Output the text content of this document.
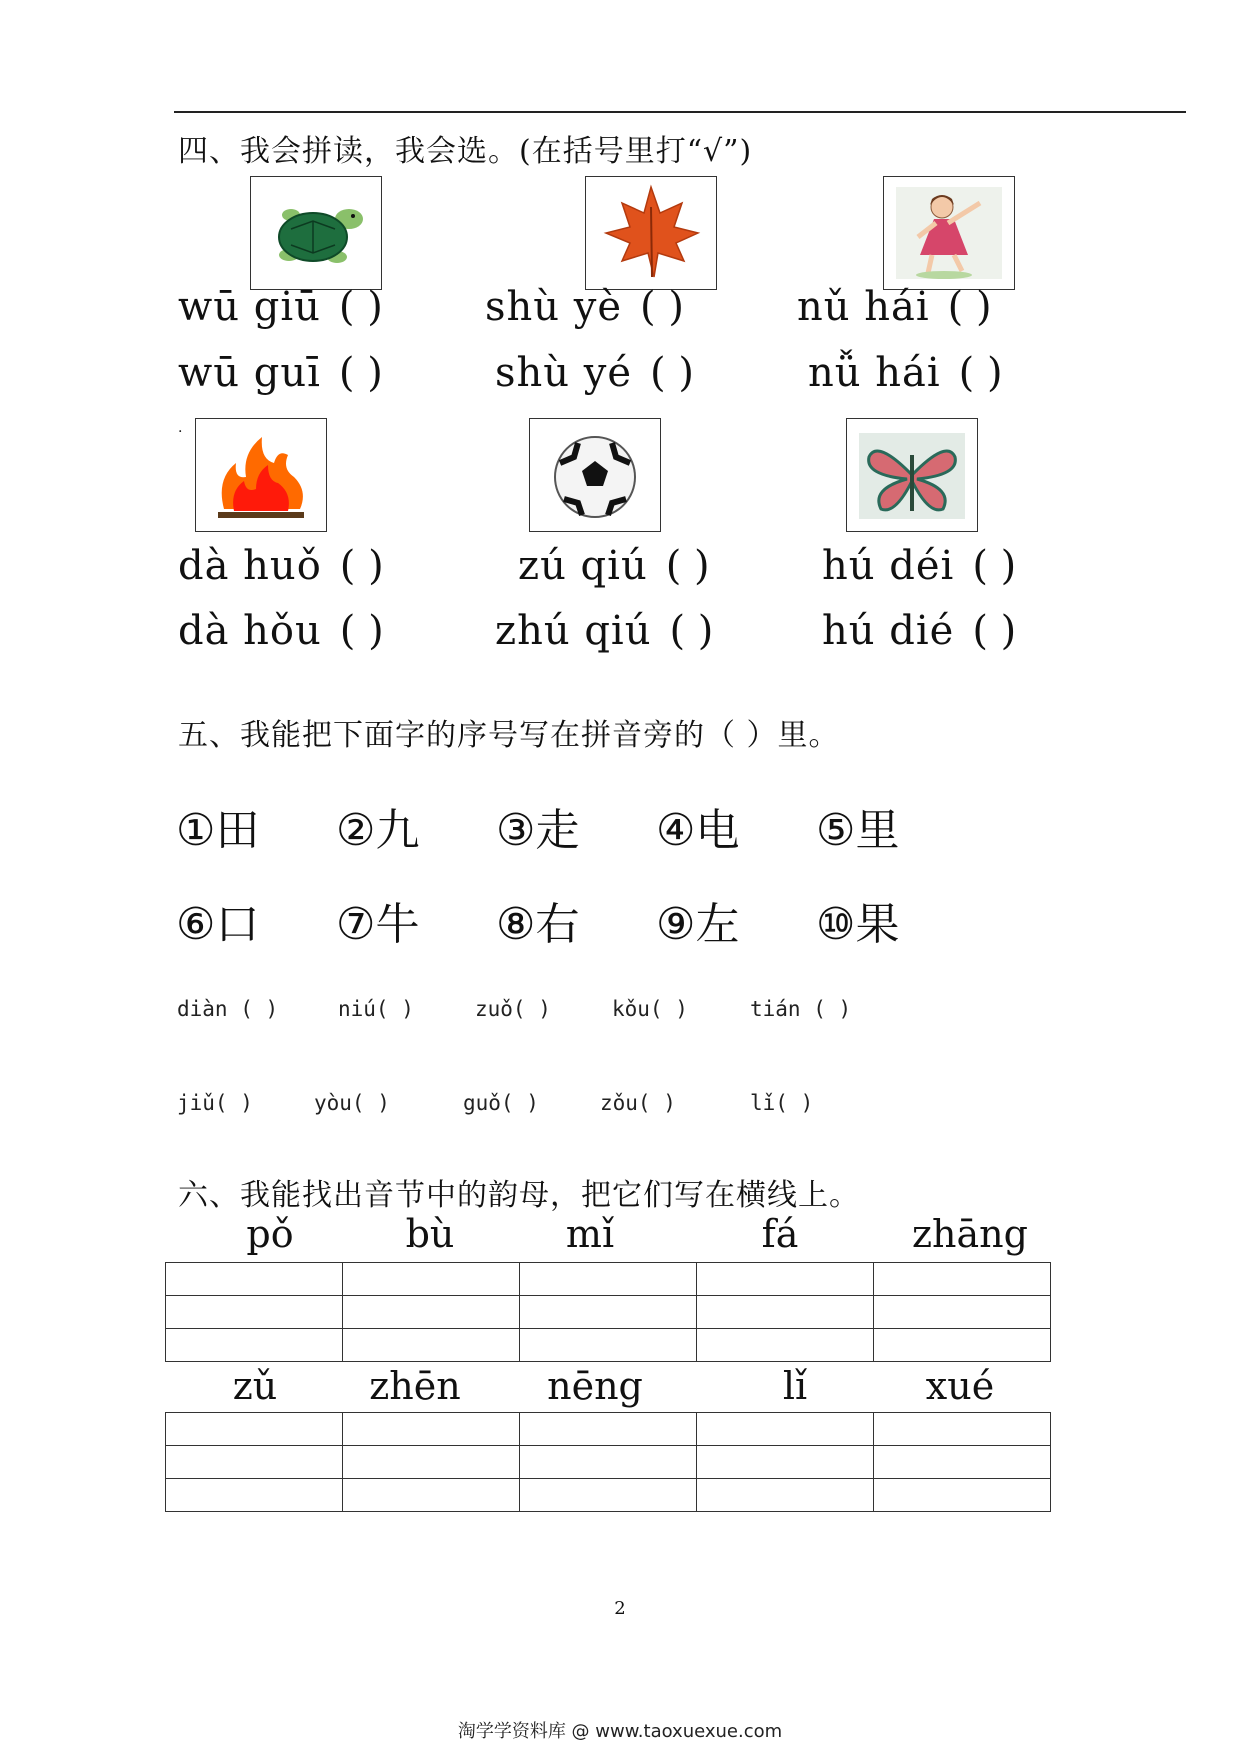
四、我会拼读，我会选。(在括号里打“√”)
wū giū ( )
wū guī ( )
shù yè ( )
shù yé ( )
nǔ hái ( )
nǚ hái ( )
.
dà huǒ ( )
dà hǒu ( )
zú qiú ( )
zhú qiú ( )
hú déi ( )
hú dié ( )
五、我能把下面字的序号写在拼音旁的（ ）里。
①田 ②九 ③走 ④电 ⑤里
⑥口 ⑦牛 ⑧右 ⑨左 ⑩果
diàn ( )	niú( )	zuǒ( )	kǒu( )	tián ( )
jiǔ( )	yòu( )	guǒ( )	zǒu( )	lǐ( )
六、我能找出音节中的韵母，把它们写在横线上。
pǒ	bù	mǐ	fá	zhāng

zǔ	zhēn	nēng	lǐ	xué

2
淘学学资料库 @ www.taoxuexue.com
